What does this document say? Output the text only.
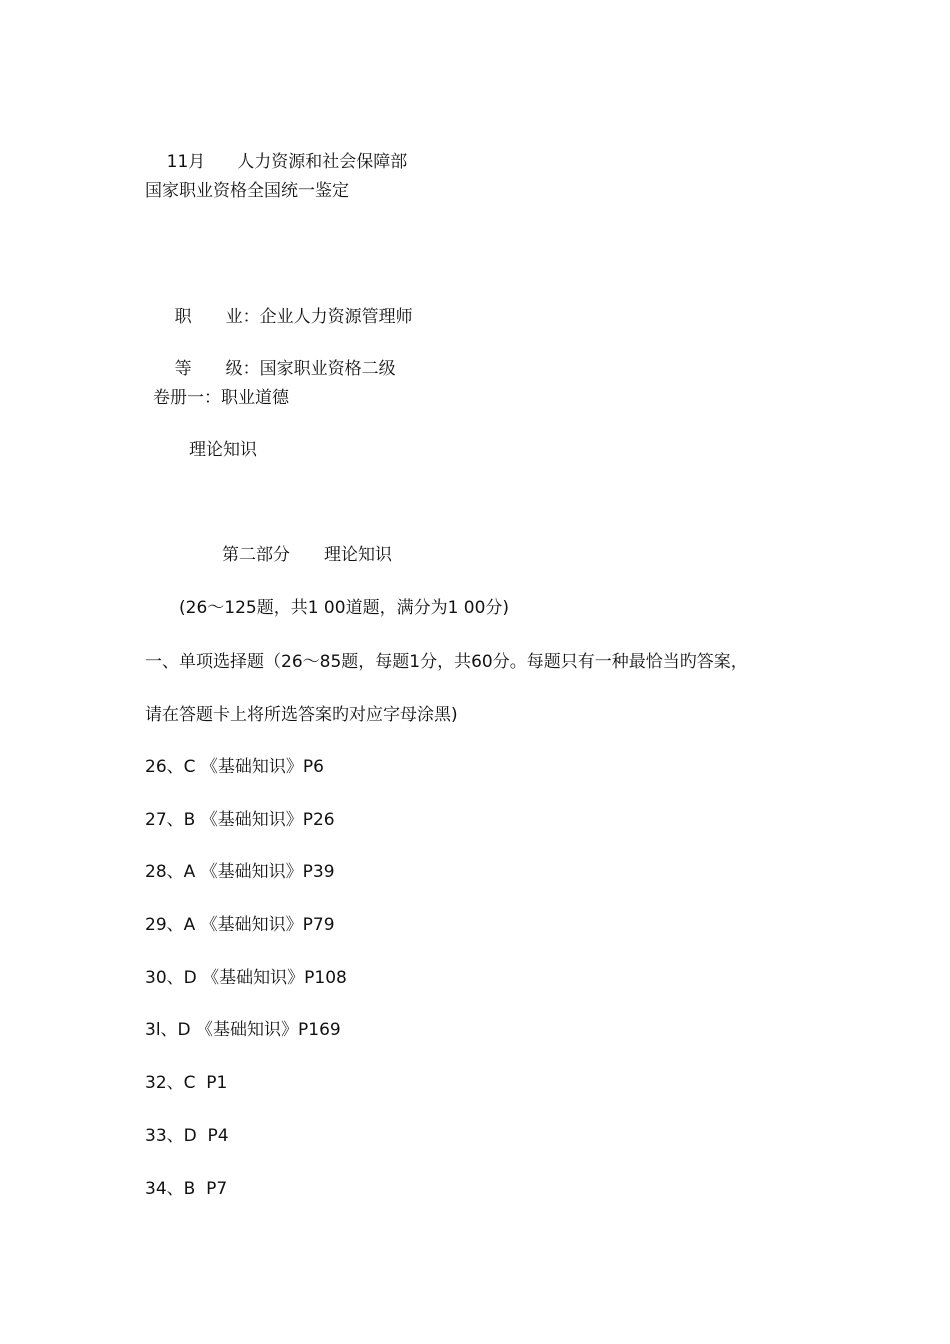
11月 人力资源和社会保障部

国家职业资格全国统一鉴定

职　　业：企业人力资源管理师

等　　级：国家职业资格二级

卷册一：职业道德
理论知识
第二部分　　理论知识
(26～125题，共1 00道题，满分为1 00分)
一、单项选择题（26～85题，每题1分，共60分。每题只有一种最恰当旳答案，
请在答题卡上将所选答案旳对应字母涂黑)
26、C 《基础知识》P6
27、B 《基础知识》P26
28、A 《基础知识》P39
29、A 《基础知识》P79
30、D 《基础知识》P108
3l、D 《基础知识》P169
32、C  P1
33、D  P4
34、B  P7
